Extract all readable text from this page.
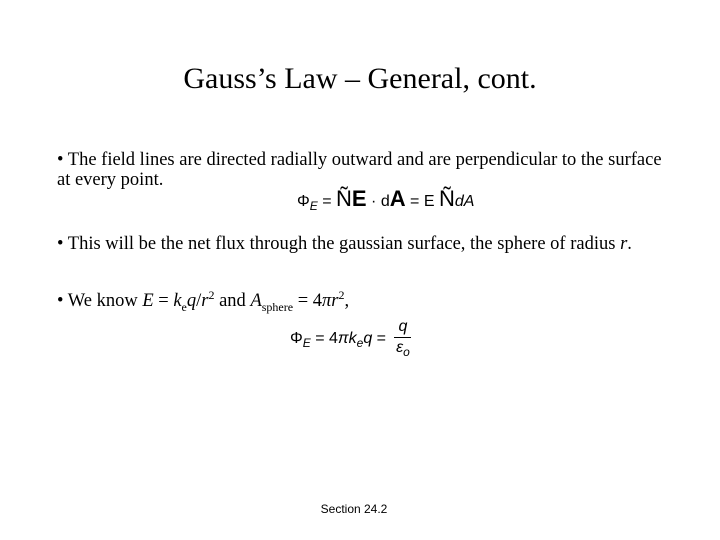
Gauss’s Law – General, cont.
• The field lines are directed radially outward and are perpendicular to the surface at every point.
$\Phi_E$ = ÑE · dA = E ÑdA
• This will be the net flux through the gaussian surface, the sphere of radius r.
• We know $E = k_eq/r^2$ and $A_{sphere} = 4\pi r^2$,
$\Phi_E = 4\pi k_eq = \frac{q}{\varepsilon_o}$
Section 24.2
